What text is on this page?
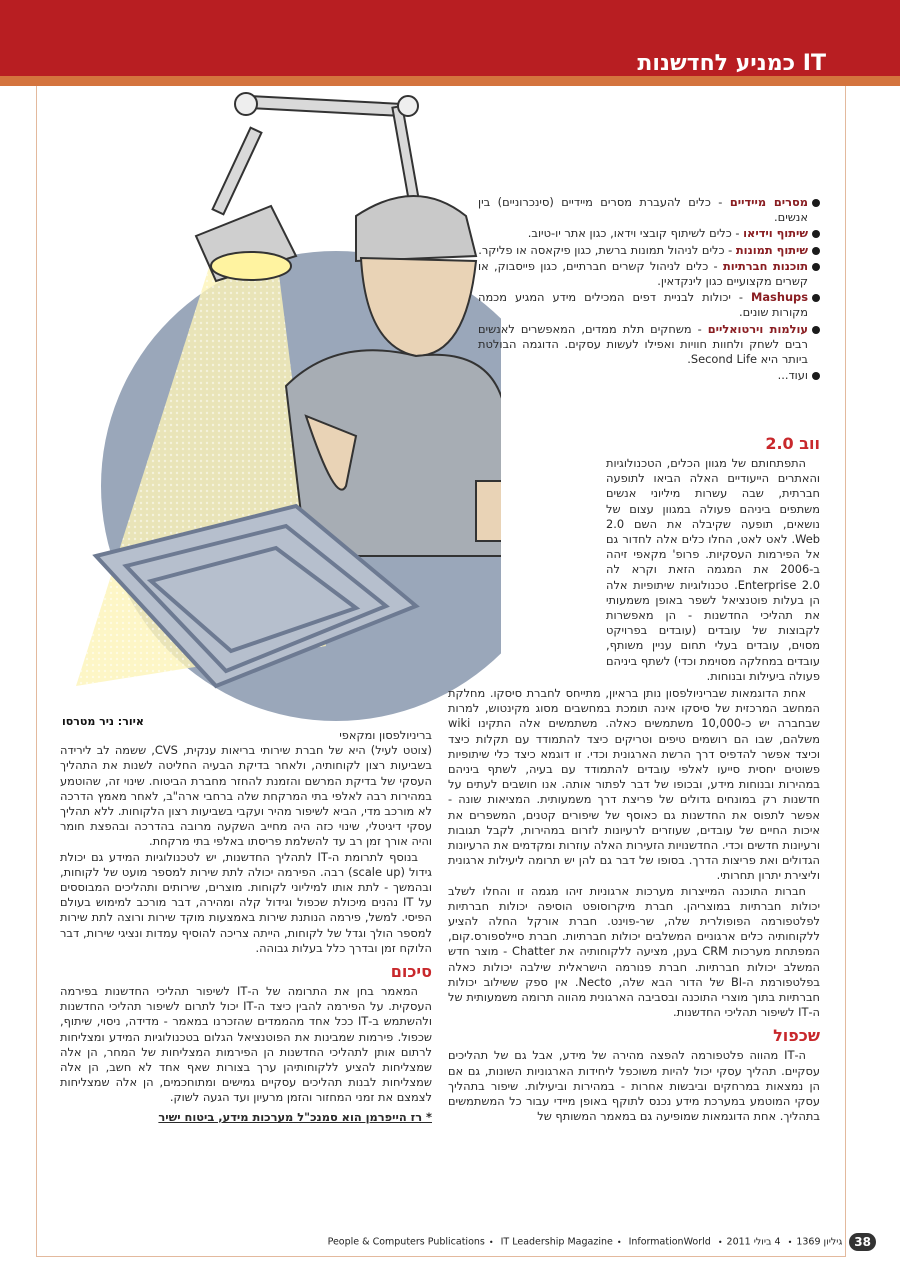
IT כמניע לחדשנות
איור: ניר מטרסו
מסרים מיידיים - כלים להעברת מסרים מיידיים (סינכרוניים) בין אנשים.
שיתוף וידיאו - כלים לשיתוף קובצי וידאו, כגון אתר יו-טיוב.
שיתוף תמונות - כלים לניהול תמונות ברשת, כגון פיקאסה או פליקר.
תוכנות חברתיות - כלים לניהול קשרים חברתיים, כגון פייסבוק, או קשרים מקצועיים כגון לינקדאין.
Mashups - יכולות לבניית דפים המכילים מידע המגיע מכמה מקורות שונים.
עולמות וירטואליים - משחקים תלת ממדים, המאפשרים לאנשים רבים לשחק ולחוות חוויות ואפילו לעשות עסקים. הדוגמה הבולטת ביותר היא Second Life.
ועוד...
ווב 2.0

התפתחותם של מגוון הכלים, הטכנולוגיות והאתרים הייעודיים האלה הביאו לתופעה חברתית, שבה עשרות מיליוני אנשים משתפים ביניהם פעולה במגוון עצום של נושאים, תופעה שקיבלה את השם 2.0 Web. לאט לאט, החלו כלים אלה לחדור גם אל הפירמות העסקיות. פרופ' מקאפי זיהה ב-2006 את המגמה הזאת וקרא לה Enterprise 2.0. טכנולוגיות שיתופיות אלה הן בעלות פוטנציאל לשפר באופן משמעותי את תהליכי החדשנות - הן מאפשרות לקבוצות של עובדים (עובדים בפרויקט מסוים, עובדים בעלי תחום עניין משותף, עובדים במחלקה מסוימת וכדי) לשתף ביניהם פעולה ביעילות ובנוחות.

אחת הדוגמאות שבריניולפסון נותן בראיון, מתייחס לחברת סיסקו. מחלקת המחשב המרכזית של סיסקו אינה תומכת במחשבים מסוג מקינטוש, למרות שבחברה יש כ-10,000 משתמשים כאלה. משתמשים אלה התקינו wiki משלהם, שבו הם רושמים טיפים וטריקים כיצד להתמודד עם תקלות כיצד וכיצד אפשר להדפיס דרך הרשת הארגונית וכדי. זו דוגמא כיצד כלי שיתופיות פשוטים יחסית סייעו לאלפי עובדים להתמודד עם בעיה, לשתף ביניהם במהירות ובנוחות מידע, ובכופו של דבר לפתור אותה. אנו חושבים לעתים על חדשנות רק במונחים גדולים של פריצת דרך משמעותית. המציאות שונה - אפשר לתפוס את החדשנות גם כאוסף של שיפורים קטנים, המשפרים את איכות החיים של עובדים, שעוזרים לרעיונות לזרום במהירות, לקבל תגובות ורעיונות חדשים וכדי. החדשנויות הזעירות האלה עוזרות ומקדמים את הרעיונות הגדולים ואת פריצות הדרך. בסופו של דבר גם להן יש תרומה ליעילות ארגונית וליצירת יתרון תחרותי.

חברות התוכנה המייצרות מערכות ארגוניות זיהו מגמה זו והחלו לשלב יכולות חברתיות במוצריהן. חברת מיקרוסופט הוסיפה יכולות חברתיות לפלטפורמה הפופולרית שלה, שר-פוינט. חברת אורקל החלה להציע ללקוחותיה כלים ארגוניים המשלבים יכולות חברתיות. חברת סיילספורס.קום, המפתחת מערכות CRM בענן, מציעה ללקוחותיה את Chatter - מוצר חדש המשלב יכולות חברתיות. חברת פנורמה הישראלית שילבה יכולות כאלה בפלטפורמת ה-BI של הדור הבא שלה, Necto. אין ספק ששילוב יכולות חברתיות בתוך מוצרי התוכנה ובסביבה הארגונית מהווה תרומה משמעותית של ה-IT לשיפור תהליכי החדשנות.

שכפול

ה-IT מהווה פלטפורמה להפצה מהירה של מידע, אבל גם של תהליכים עסקיים. תהליך עסקי יכול להיות משוכפל ליחידות הארגוניות השונות, גם אם הן נמצאות במרחקים וביבשות אחרות - במהירות וביעילות. שיפור בתהליך עסקי המוטמע במערכת מידע נכנס לתוקף באופן מיידי עבור כל המשתמשים בתהליך. אחת הדוגמאות שמופיעה גם במאמר המשותף של

בריניולפסון ומקאפי

(צוטט לעיל) היא של חברת שירותי בריאות ענקית, CVS, ששמה לב לירידה בשביעות רצון לקוחותיה, ולאחר בדיקת הבעיה החליטה לשנות את התהליך העסקי של בדיקת המרשם והזמנת להחזר מחברת הביטוח. שינוי זה, שהוטמע במהירות רבה לאלפי בתי המרקחת שלה ברחבי ארה"ב, לאחר מאמץ הדרכה לא מורכב מדי, הביא לשיפור מהיר ועקבי בשביעות רצון הלקוחות. ללא תהליך עסקי דיגיטלי, שינוי כזה היה מחייב השקעה מרובה בהדרכה ובהפצת חומר והיה אורך זמן רב עד להשלמת פריסתו באלפי בתי מרקחת.

בנוסף לתרומת ה-IT לתהליך החדשנות, יש לטכנולוגיות המידע גם יכולת גידול (scale up) רבה. הפירמה יכולה לתת שירות למספר מועט של לקוחות, ובהמשך - לתת אותו למיליוני לקוחות. מוצרים, שירותים ותהליכים המבוססים על IT נהנים מיכולת שכפול וגידול קלה ומהירה, דבר מורכב למימוש בעולם הפיסי. למשל, פירמה הנותנת שירות באמצעות מוקד שירות ורוצה לתת שירות למספר הולך וגדל של לקוחות, הייתה צריכה להוסיף עמדות ונציגי שירות, דבר הלוקח זמן ובדרך כלל בעלות גבוהה.

סיכום

המאמר בחן את התרומה של ה-IT לשיפור תהליכי החדשנות בפירמה העסקית. על הפירמה להבין כיצד ה-IT יכול לתרום לשיפור תהליכי החדשנות ולהשתמש ב-IT ככל אחד מהממדים שהזכרנו במאמר - מדידה, ניסוי, שיתוף, שכפול. פירמות שמבינות את הפוטנציאל הגלום בטכנולוגיות המידע ומצליחות לרתום אותן לתהליכי החדשנות הן הפירמות המצליחות של המחר, הן אלה שמצליחות להציע ללקוחותיהן ערך בצורות שאף אחד לא חשב, הן אלה שמצליחות לבנות תהליכים עסקיים גמישים ומתוחכמים, הן אלה שמצליחות לצמצם את זמני המחזור והזמן מרעיון ועד הגעה לשוק.

* רז הייפרמן הוא סמנכ"ל מערכות מידע, ביטוח ישיר
38 גיליון 1369• 4 ביולי 2011• People & Computers Publications • IT Leadership Magazine • InformationWorld
